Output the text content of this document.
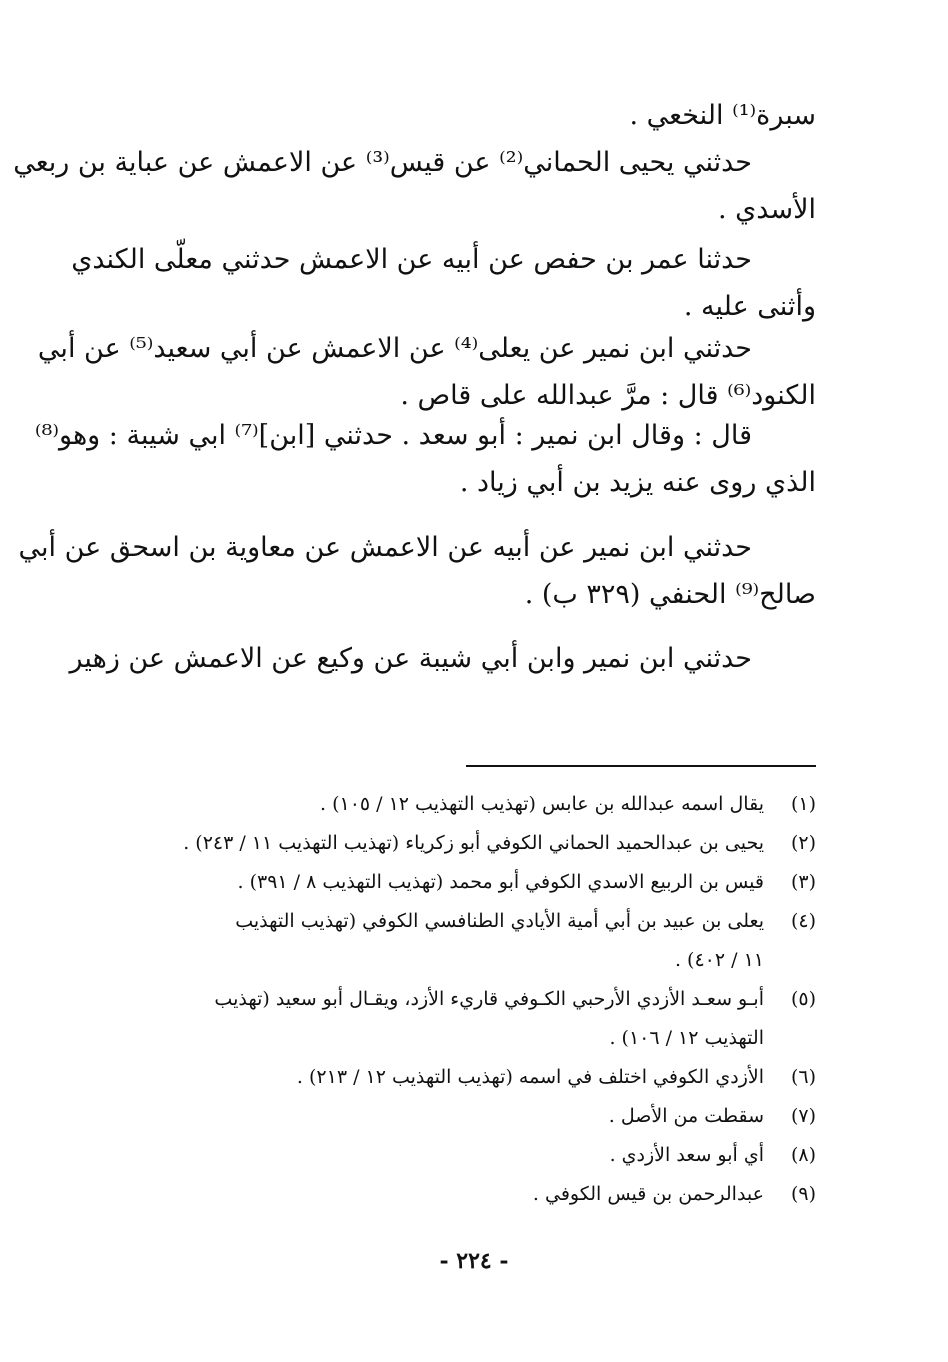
سبرة⁽¹⁾ النخعي .
حدثني يحيى الحماني⁽²⁾ عن قيس⁽³⁾ عن الاعمش عن عباية بن ربعي
الأسدي .
حدثنا عمر بن حفص عن أبيه عن الاعمش حدثني معلّى الكندي
وأثنى عليه .
حدثني ابن نمير عن يعلى⁽⁴⁾ عن الاعمش عن أبي سعيد⁽⁵⁾ عن أبي
الكنود⁽⁶⁾ قال : مرَّ عبدالله على قاص .
قال : وقال ابن نمير : أبو سعد . حدثني [ابن]⁽⁷⁾ ابي شيبة : وهو⁽⁸⁾
الذي روى عنه يزيد بن أبي زياد .
حدثني ابن نمير عن أبيه عن الاعمش عن معاوية بن اسحق عن أبي
صالح⁽⁹⁾ الحنفي (٣٢٩ ب) .
حدثني ابن نمير وابن أبي شيبة عن وكيع عن الاعمش عن زهير
(١)يقال اسمه عبدالله بن عابس (تهذيب التهذيب ١٢ / ١٠٥) .
(٢)يحيى بن عبدالحميد الحماني الكوفي أبو زكرياء (تهذيب التهذيب ١١ / ٢٤٣) .
(٣)قيس بن الربيع الاسدي الكوفي أبو محمد (تهذيب التهذيب ٨ / ٣٩١) .
(٤)يعلى بن عبيد بن أبي أمية الأيادي الطنافسي الكوفي (تهذيب التهذيب
١١ / ٤٠٢) .
(٥)أبـو سعـد الأزدي الأرحبي الكـوفي قاريء الأزد، ويقـال أبو سعيد (تهذيب
التهذيب ١٢ / ١٠٦) .
(٦)الأزدي الكوفي اختلف في اسمه (تهذيب التهذيب ١٢ / ٢١٣) .
(٧)سقطت من الأصل .
(٨)أي أبو سعد الأزدي .
(٩)عبدالرحمن بن قيس الكوفي .
- ٢٢٤ -
